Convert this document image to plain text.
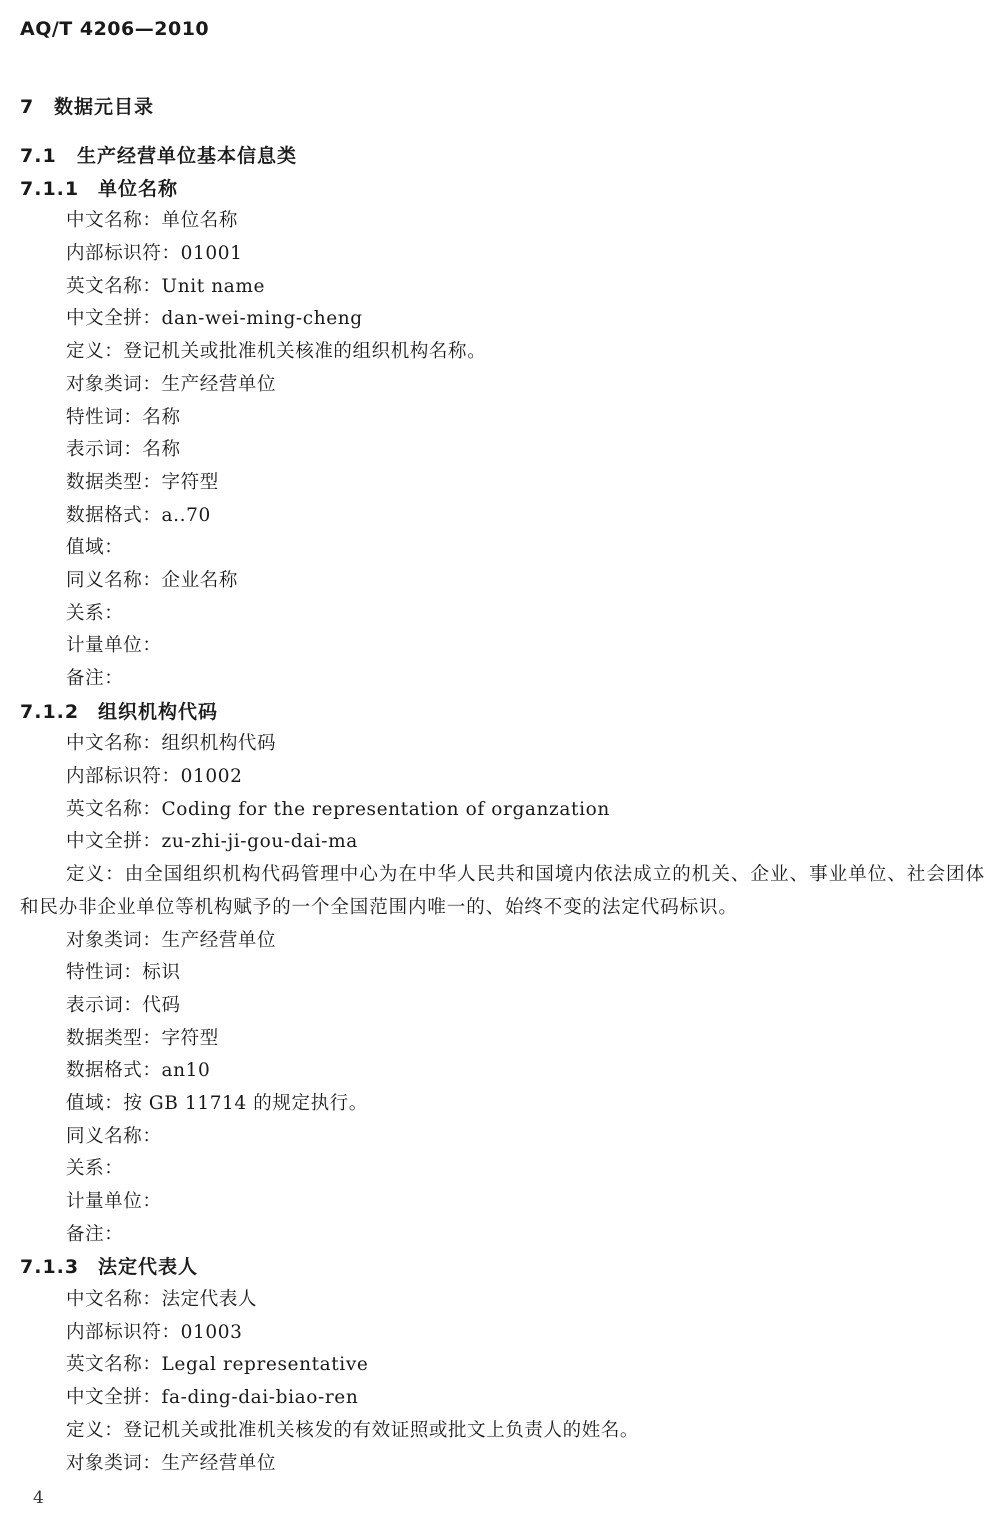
AQ/T 4206—2010
7 数据元目录
7.1 生产经营单位基本信息类
7.1.1 单位名称
中文名称 ： 单位名称
内部标识符 ： 01001
英文名称 ： Unit name
中文全拼 ： dan-wei-ming-cheng
定义 ： 登记机关或批准机关核准的组织机构名称。
对象类词 ： 生产经营单位
特性词 ： 名称
表示词 ： 名称
数据类型 ： 字符型
数据格式 ： a..70
值域 ：
同义名称 ： 企业名称
关系 ：
计量单位 ：
备注 ：
7.1.2 组织机构代码
中文名称 ： 组织机构代码
内部标识符 ： 01002
英文名称 ： Coding for the representation of organzation
中文全拼 ： zu-zhi-ji-gou-dai-ma
定义 ： 由全国组织机构代码管理中心为在中华人民共和国境内依法成立的机关、企业、事业单位、社会团体和民办非企业单位等机构赋予的一个全国范围内唯一的、始终不变的法定代码标识。
对象类词 ： 生产经营单位
特性词 ： 标识
表示词 ： 代码
数据类型 ： 字符型
数据格式 ： an10
值域 ： 按 GB 11714 的规定执行。
同义名称 ：
关系 ：
计量单位 ：
备注 ：
7.1.3 法定代表人
中文名称 ： 法定代表人
内部标识符 ： 01003
英文名称 ： Legal representative
中文全拼 ： fa-ding-dai-biao-ren
定义 ： 登记机关或批准机关核发的有效证照或批文上负责人的姓名。
对象类词 ： 生产经营单位
4
